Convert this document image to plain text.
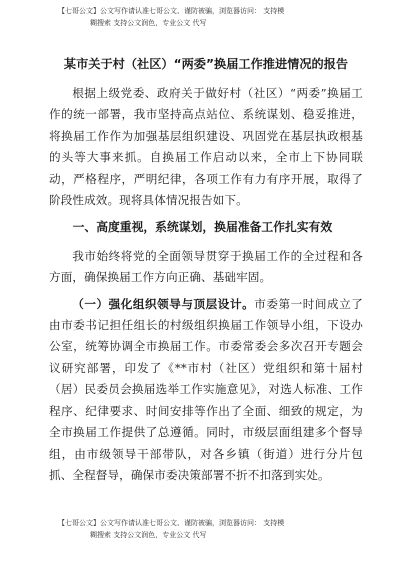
【七哥公文】公文写作请认准七哥公文、谨防被骗，浏览器访问： 支持模
糊搜索 支持公文润色，专业公文 代写
某市关于村（社区）“两委”换届工作推进情况的报告

根据上级党委、政府关于做好村（社区）“两委”换届工作的统一部署，我市坚持高点站位、系统谋划、稳妥推进，将换届工作作为加强基层组织建设、巩固党在基层执政根基的头等大事来抓。自换届工作启动以来，全市上下协同联动，严格程序，严明纪律，各项工作有力有序开展，取得了阶段性成效。现将具体情况报告如下。

一、高度重视，系统谋划，换届准备工作扎实有效

我市始终将党的全面领导贯穿于换届工作的全过程和各方面，确保换届工作方向正确、基础牢固。

（一）强化组织领导与顶层设计。市委第一时间成立了由市委书记担任组长的村级组织换届工作领导小组，下设办公室，统筹协调全市换届工作。市委常委会多次召开专题会议研究部署，印发了《**市村（社区）党组织和第十届村（居）民委员会换届选举工作实施意见》，对选人标准、工作程序、纪律要求、时间安排等作出了全面、细致的规定，为全市换届工作提供了总遵循。同时，市级层面组建多个督导组，由市级领导干部带队，对各乡镇（街道）进行分片包抓、全程督导，确保市委决策部署不折不扣落到实处。

【七哥公文】公文写作请认准七哥公文、谨防被骗，浏览器访问： 支持模
糊搜索 支持公文润色，专业公文 代写
